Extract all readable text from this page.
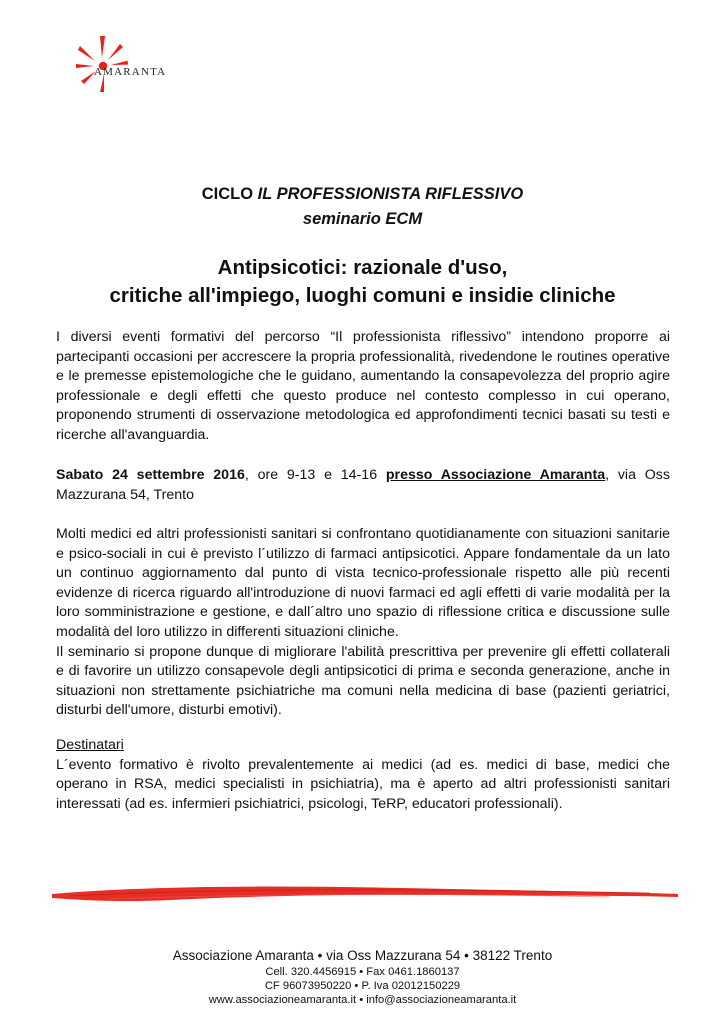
AMARANTA
CICLO IL PROFESSIONISTA RIFLESSIVO
seminario ECM
Antipsicotici: razionale d'uso,
critiche all'impiego, luoghi comuni e insidie cliniche

I diversi eventi formativi del percorso “Il professionista riflessivo” intendono proporre ai partecipanti occasioni per accrescere la propria professionalità, rivedendone le routines operative e le premesse epistemologiche che le guidano, aumentando la consapevolezza del proprio agire professionale e degli effetti che questo produce nel contesto complesso in cui operano, proponendo strumenti di osservazione metodologica ed approfondimenti tecnici basati su testi e ricerche all'avanguardia.

Sabato 24 settembre 2016, ore 9-13 e 14-16 presso Associazione Amaranta, via Oss Mazzurana 54, Trento

Molti medici ed altri professionisti sanitari si confrontano quotidianamente con situazioni sanitarie e psico-sociali in cui è previsto l´utilizzo di farmaci antipsicotici. Appare fondamentale da un lato un continuo aggiornamento dal punto di vista tecnico-professionale rispetto alle più recenti evidenze di ricerca riguardo all'introduzione di nuovi farmaci ed agli effetti di varie modalità per la loro somministrazione e gestione, e dall´altro uno spazio di riflessione critica e discussione sulle modalità del loro utilizzo in differenti situazioni cliniche.
Il seminario si propone dunque di migliorare l'abilità prescrittiva per prevenire gli effetti collaterali e di favorire un utilizzo consapevole degli antipsicotici di prima e seconda generazione, anche in situazioni non strettamente psichiatriche ma comuni nella medicina di base (pazienti geriatrici, disturbi dell'umore, disturbi emotivi).
Destinatari
L´evento formativo è rivolto prevalentemente ai medici (ad es. medici di base, medici che operano in RSA, medici specialisti in psichiatria), ma è aperto ad altri professionisti sanitari interessati (ad es. infermieri psichiatrici, psicologi, TeRP, educatori professionali).
Associazione Amaranta • via Oss Mazzurana 54 • 38122 Trento
Cell. 320.4456915 • Fax 0461.1860137
CF 96073950220 • P. Iva 02012150229
www.associazioneamaranta.it • info@associazioneamaranta.it
